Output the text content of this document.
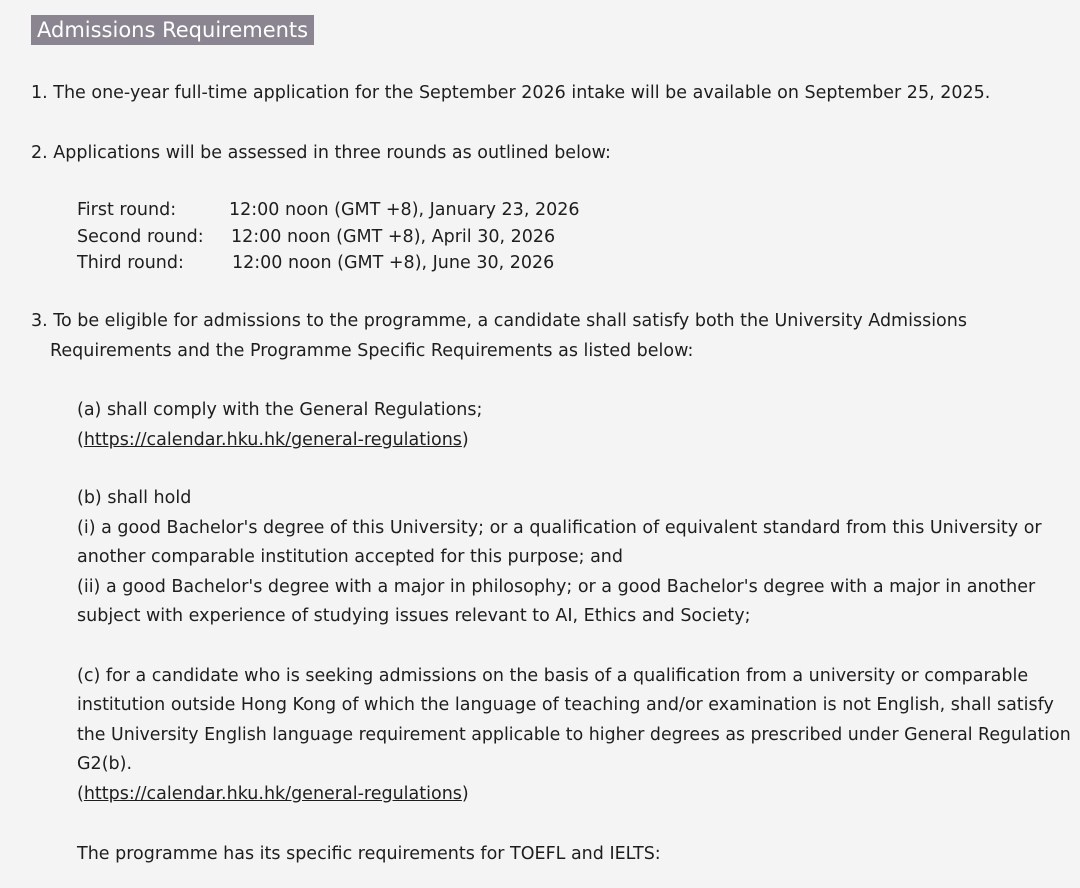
Admissions Requirements
1. The one-year full-time application for the September 2026 intake will be available on September 25, 2025.
2. Applications will be assessed in three rounds as outlined below:
First round:	12:00 noon (GMT +8), January 23, 2026
Second round: 12:00 noon (GMT +8), April 30, 2026
Third round:	12:00 noon (GMT +8), June 30, 2026
3. To be eligible for admissions to the programme, a candidate shall satisfy both the University Admissions
Requirements and the Programme Specific Requirements as listed below:
(a) shall comply with the General Regulations;
(https://calendar.hku.hk/general-regulations)
(b) shall hold
(i) a good Bachelor's degree of this University; or a qualification of equivalent standard from this University or
another comparable institution accepted for this purpose; and
(ii) a good Bachelor's degree with a major in philosophy; or a good Bachelor's degree with a major in another
subject with experience of studying issues relevant to AI, Ethics and Society;
(c) for a candidate who is seeking admissions on the basis of a qualification from a university or comparable
institution outside Hong Kong of which the language of teaching and/or examination is not English, shall satisfy
the University English language requirement applicable to higher degrees as prescribed under General Regulation
G2(b).
(https://calendar.hku.hk/general-regulations)
The programme has its specific requirements for TOEFL and IELTS:
